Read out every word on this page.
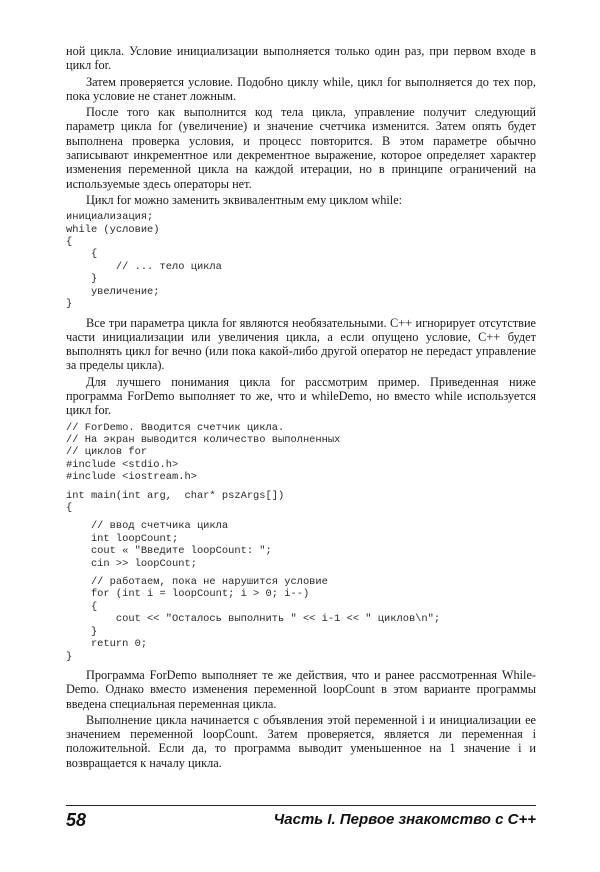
ной цикла. Условие инициализации выполняется только один раз, при первом входе в цикл for.

Затем проверяется условие. Подобно циклу while, цикл for выполняется до тех пор, пока условие не станет ложным.

После того как выполнится код тела цикла, управление получит следующий параметр цикла for (увеличение) и значение счетчика изменится. Затем опять будет выполнена проверка условия, и процесс повторится. В этом параметре обычно записывают инкрементное или декрементное выражение, которое определяет характер изменения переменной цикла на каждой итерации, но в принципе ограничений на используемые здесь операторы нет.

Цикл for можно заменить эквивалентным ему циклом while:

инициализация;
while (условие)
{
{
// ... тело цикла
}
увеличение;
}

Все три параметра цикла for являются необязательными. C++ игнорирует отсутствие части инициализации или увеличения цикла, а если опущено условие, C++ будет выполнять цикл for вечно (или пока какой-либо другой оператор не передаст управление за пределы цикла).

Для лучшего понимания цикла for рассмотрим пример. Приведенная ниже программа ForDemo выполняет то же, что и whileDemo, но вместо while используется цикл for.

// ForDemo. Вводится счетчик цикла.
// На экран выводится количество выполненных
// циклов for
#include <stdio.h>
#include <iostream.h>
int main(int arg,  char* pszArgs[])
{
// ввод счетчика цикла
int loopCount;
cout « "Введите loopCount: ";
cin >> loopCount;
// работаем, пока не нарушится условие
for (int i = loopCount; i > 0; i--)
{
cout << "Осталось выполнить " << i-1 << " циклов\n";
}
return 0;
}

Программа ForDemo выполняет те же действия, что и ранее рассмотренная While-Demo. Однако вместо изменения переменной loopCount в этом варианте программы введена специальная переменная цикла.

Выполнение цикла начинается с объявления этой переменной i и инициализации ее значением переменной loopCount. Затем проверяется, является ли переменная i положительной. Если да, то программа выводит уменьшенное на 1 значение i и возвращается к началу цикла.

58	Часть I. Первое знакомство с C++
